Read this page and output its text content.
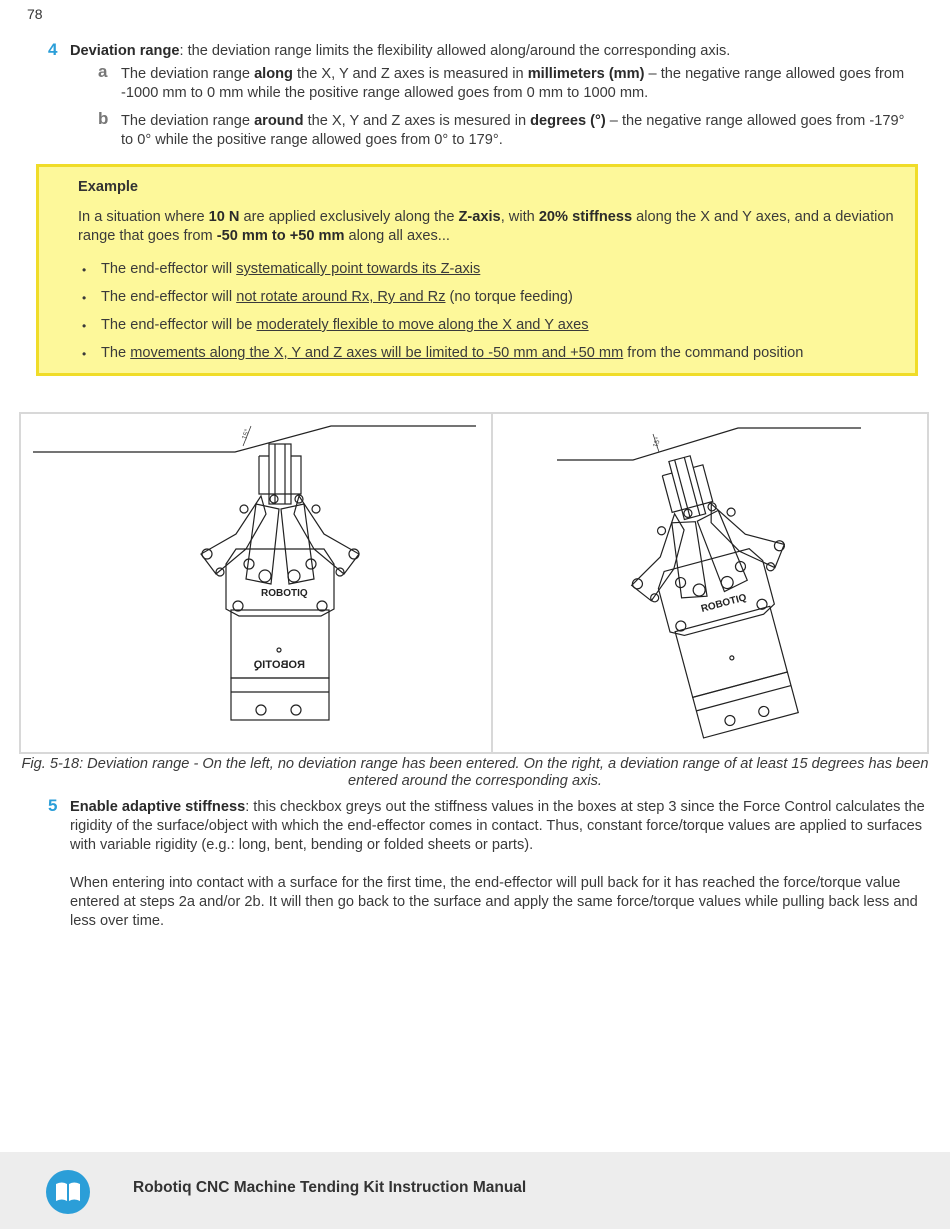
78
4 Deviation range: the deviation range limits the flexibility allowed along/around the corresponding axis.
a The deviation range along the X, Y and Z axes is measured in millimeters (mm) – the negative range allowed goes from -1000 mm to 0 mm while the positive range allowed goes from 0 mm to 1000 mm.
b The deviation range around the X, Y and Z axes is mesured in degrees (°) – the negative range allowed goes from -179° to 0° while the positive range allowed goes from 0° to 179°.
Example
In a situation where 10 N are applied exclusively along the Z-axis, with 20% stiffness along the X and Y axes, and a deviation range that goes from -50 mm to +50 mm along all axes...
• The end-effector will systematically point towards its Z-axis
• The end-effector will not rotate around Rx, Ry and Rz (no torque feeding)
• The end-effector will be moderately flexible to move along the X and Y axes
• The movements along the X, Y and Z axes will be limited to -50 mm and +50 mm from the command position
ROBOTIQ
ROBOTIQ
15°
ROBOTIQ
15°
Fig. 5-18: Deviation range - On the left, no deviation range has been entered. On the right, a deviation range of at least 15 degrees has been entered around the corresponding axis.
5 Enable adaptive stiffness: this checkbox greys out the stiffness values in the boxes at step 3 since the Force Control calculates the rigidity of the surface/object with which the end-effector comes in contact. Thus, constant force/torque values are applied to surfaces with variable rigidity (e.g.: long, bent, bending or folded sheets or parts).
When entering into contact with a surface for the first time, the end-effector will pull back for it has reached the force/torque value entered at steps 2a and/or 2b. It will then go back to the surface and apply the same force/torque values while pulling back less and less over time.
Robotiq CNC Machine Tending Kit Instruction Manual
